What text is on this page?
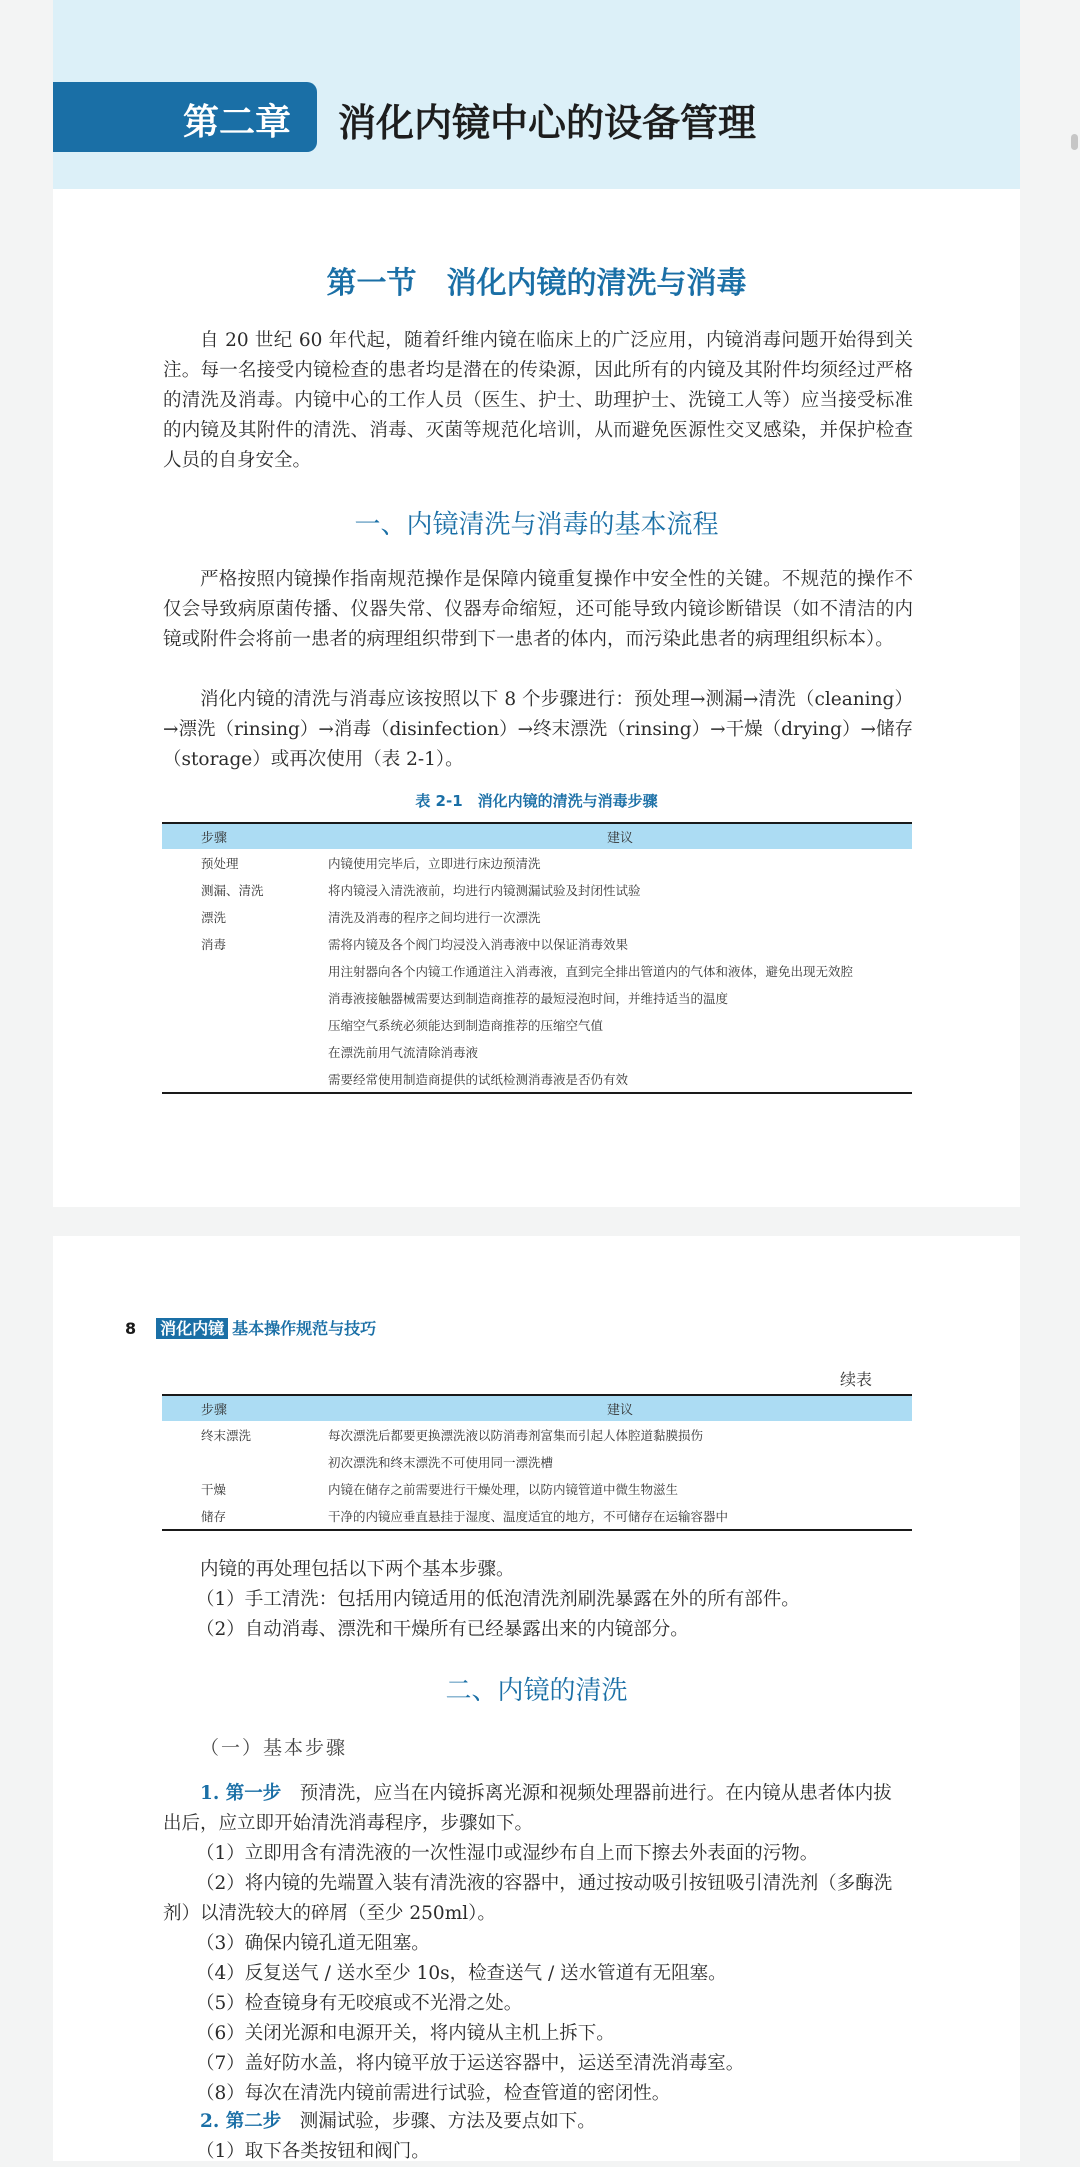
第二章 消化内镜中心的设备管理
第一节　消化内镜的清洗与消毒
自 20 世纪 60 年代起，随着纤维内镜在临床上的广泛应用，内镜消毒问题开始得到关注。每一名接受内镜检查的患者均是潜在的传染源，因此所有的内镜及其附件均须经过严格的清洗及消毒。内镜中心的工作人员（医生、护士、助理护士、洗镜工人等）应当接受标准的内镜及其附件的清洗、消毒、灭菌等规范化培训，从而避免医源性交叉感染，并保护检查人员的自身安全。
一、内镜清洗与消毒的基本流程
严格按照内镜操作指南规范操作是保障内镜重复操作中安全性的关键。不规范的操作不仅会导致病原菌传播、仪器失常、仪器寿命缩短，还可能导致内镜诊断错误（如不清洁的内镜或附件会将前一患者的病理组织带到下一患者的体内，而污染此患者的病理组织标本）。
消化内镜的清洗与消毒应该按照以下 8 个步骤进行：预处理→测漏→清洗（cleaning）→漂洗（rinsing）→消毒（disinfection）→终末漂洗（rinsing）→干燥（drying）→储存（storage）或再次使用（表 2-1）。
表 2-1　消化内镜的清洗与消毒步骤
步骤	建议
预处理	内镜使用完毕后，立即进行床边预清洗
测漏、清洗	将内镜浸入清洗液前，均进行内镜测漏试验及封闭性试验
漂洗	清洗及消毒的程序之间均进行一次漂洗
消毒	需将内镜及各个阀门均浸没入消毒液中以保证消毒效果
	用注射器向各个内镜工作通道注入消毒液，直到完全排出管道内的气体和液体，避免出现无效腔
	消毒液接触器械需要达到制造商推荐的最短浸泡时间，并维持适当的温度
	压缩空气系统必须能达到制造商推荐的压缩空气值
	在漂洗前用气流清除消毒液
	需要经常使用制造商提供的试纸检测消毒液是否仍有效
8 消化内镜 基本操作规范与技巧
续表
步骤	建议
终末漂洗	每次漂洗后都要更换漂洗液以防消毒剂富集而引起人体腔道黏膜损伤
	初次漂洗和终末漂洗不可使用同一漂洗槽
干燥	内镜在储存之前需要进行干燥处理，以防内镜管道中微生物滋生
储存	干净的内镜应垂直悬挂于湿度、温度适宜的地方，不可储存在运输容器中
内镜的再处理包括以下两个基本步骤。
（1）手工清洗：包括用内镜适用的低泡清洗剂刷洗暴露在外的所有部件。
（2）自动消毒、漂洗和干燥所有已经暴露出来的内镜部分。
二、内镜的清洗
（一）基本步骤
1. 第一步　 预清洗，应当在内镜拆离光源和视频处理器前进行。在内镜从患者体内拔
出后，应立即开始清洗消毒程序，步骤如下。
（1）立即用含有清洗液的一次性湿巾或湿纱布自上而下擦去外表面的污物。
（2）将内镜的先端置入装有清洗液的容器中，通过按动吸引按钮吸引清洗剂（多酶洗
剂）以清洗较大的碎屑（至少 250ml）。
（3）确保内镜孔道无阻塞。
（4）反复送气 / 送水至少 10s，检查送气 / 送水管道有无阻塞。
（5）检查镜身有无咬痕或不光滑之处。
（6）关闭光源和电源开关，将内镜从主机上拆下。
（7）盖好防水盖，将内镜平放于运送容器中，运送至清洗消毒室。
（8）每次在清洗内镜前需进行试验，检查管道的密闭性。
2. 第二步　 测漏试验，步骤、方法及要点如下。
（1）取下各类按钮和阀门。
